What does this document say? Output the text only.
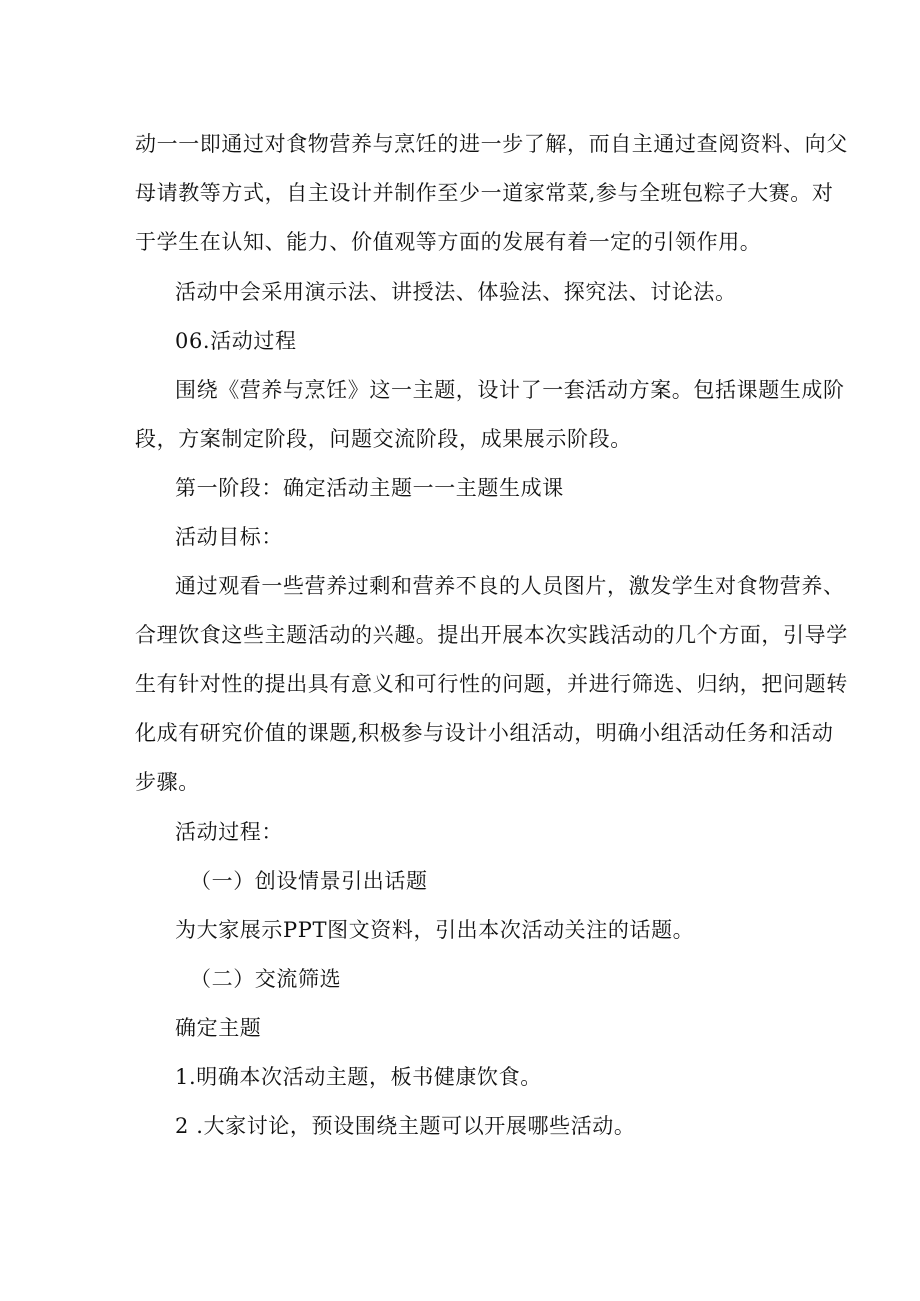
动一一即通过对食物营养与烹饪的进一步了解，而自主通过查阅资料、向父
母请教等方式，自主设计并制作至少一道家常菜,参与全班包粽子大赛。对
于学生在认知、能力、价值观等方面的发展有着一定的引领作用。
活动中会采用演示法、讲授法、体验法、探究法、讨论法。
06.活动过程
围绕《营养与烹饪》这一主题，设计了一套活动方案。包括课题生成阶
段，方案制定阶段，问题交流阶段，成果展示阶段。
第一阶段：确定活动主题一一主题生成课
活动目标：
通过观看一些营养过剩和营养不良的人员图片，激发学生对食物营养、
合理饮食这些主题活动的兴趣。提出开展本次实践活动的几个方面，引导学
生有针对性的提出具有意义和可行性的问题，并进行筛选、归纳，把问题转
化成有研究价值的课题,积极参与设计小组活动，明确小组活动任务和活动
步骤。
活动过程：
（一）创设情景引出话题
为大家展示PPT图文资料，引出本次活动关注的话题。
（二）交流筛选
确定主题
1.明确本次活动主题，板书健康饮食。
2 .大家讨论，预设围绕主题可以开展哪些活动。
